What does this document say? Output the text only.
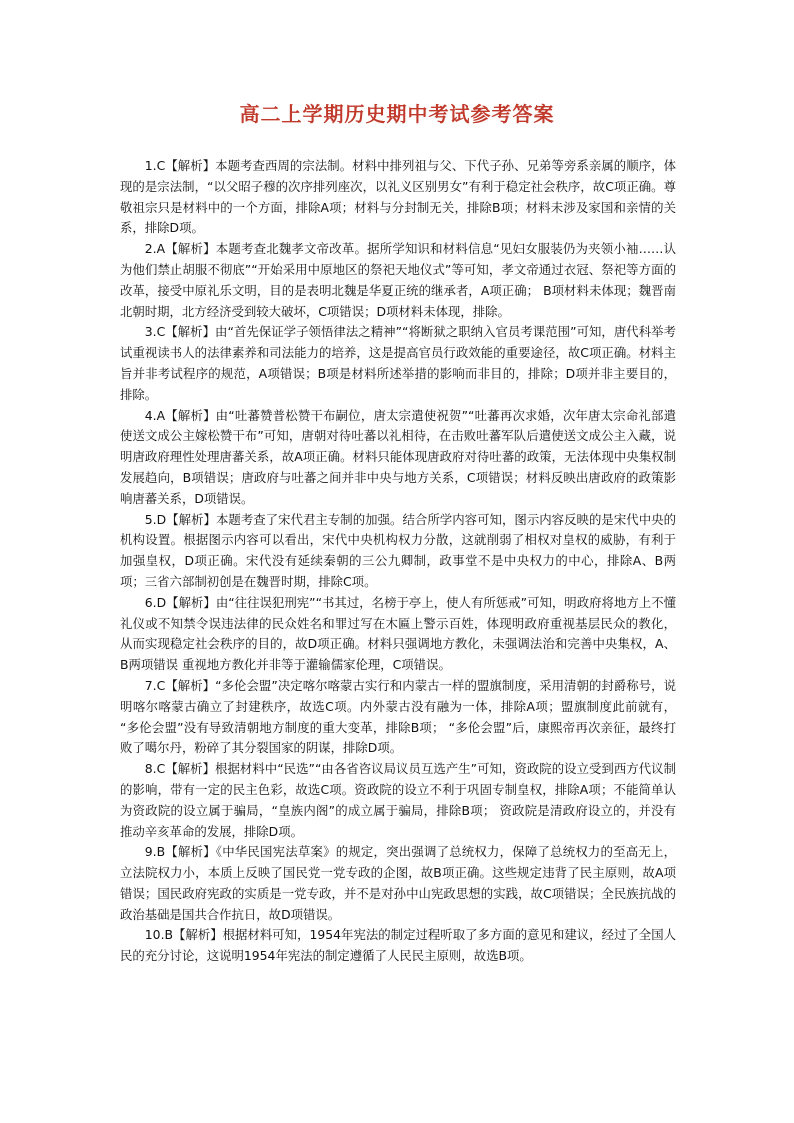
高二上学期历史期中考试参考答案

1.C【解析】本题考查西周的宗法制。材料中排列祖与父、下代子孙、兄弟等旁系亲属的顺序，体现的是宗法制，“以父昭子穆的次序排列座次，以礼义区别男女”有利于稳定社会秩序，故C项正确。尊敬祖宗只是材料中的一个方面，排除A项；材料与分封制无关，排除B项；材料未涉及家国和亲情的关系，排除D项。

2.A【解析】本题考查北魏孝文帝改革。据所学知识和材料信息“见妇女服装仍为夹领小袖……认为他们禁止胡服不彻底”“开始采用中原地区的祭祀天地仪式”等可知，孝文帝通过衣冠、祭祀等方面的改革，接受中原礼乐文明，目的是表明北魏是华夏正统的继承者，A项正确； B项材料未体现；魏晋南北朝时期，北方经济受到较大破坏，C项错误；D项材料未体现，排除。

3.C【解析】由“首先保证学子领悟律法之精神”“将断狱之职纳入官员考课范围”可知，唐代科举考试重视读书人的法律素养和司法能力的培养，这是提高官员行政效能的重要途径，故C项正确。材料主旨并非考试程序的规范，A项错误；B项是材料所述举措的影响而非目的，排除；D项并非主要目的，排除。

4.A【解析】由“吐蕃赞普松赞干布嗣位，唐太宗遣使祝贺”“吐蕃再次求婚，次年唐太宗命礼部遣使送文成公主嫁松赞干布”可知，唐朝对待吐蕃以礼相待，在击败吐蕃军队后遣使送文成公主入藏，说明唐政府理性处理唐蕃关系，故A项正确。材料只能体现唐政府对待吐蕃的政策，无法体现中央集权制发展趋向，B项错误；唐政府与吐蕃之间并非中央与地方关系，C项错误；材料反映出唐政府的政策影响唐蕃关系，D项错误。

5.D【解析】本题考查了宋代君主专制的加强。结合所学内容可知，图示内容反映的是宋代中央的机构设置。根据图示内容可以看出，宋代中央机构权力分散，这就削弱了相权对皇权的威胁，有利于加强皇权，D项正确。宋代没有延续秦朝的三公九卿制，政事堂不是中央权力的中心，排除A、B两项；三省六部制初创是在魏晋时期，排除C项。

6.D【解析】由“往往误犯刑宪”“书其过，名榜于亭上，使人有所惩戒”可知，明政府将地方上不懂礼仪或不知禁令误违法律的民众姓名和罪过写在木匾上警示百姓，体现明政府重视基层民众的教化，从而实现稳定社会秩序的目的，故D项正确。材料只强调地方教化，未强调法治和完善中央集权，A、B两项错误 重视地方教化并非等于灌输儒家伦理，C项错误。

7.C【解析】“多伦会盟”决定喀尔喀蒙古实行和内蒙古一样的盟旗制度，采用清朝的封爵称号，说明喀尔喀蒙古确立了封建秩序，故选C项。内外蒙古没有融为一体，排除A项；盟旗制度此前就有， “多伦会盟”没有导致清朝地方制度的重大变革，排除B项； “多伦会盟”后，康熙帝再次亲征，最终打败了噶尔丹，粉碎了其分裂国家的阴谋，排除D项。

8.C【解析】根据材料中“民选”“由各省咨议局议员互选产生”可知，资政院的设立受到西方代议制的影响，带有一定的民主色彩，故选C项。资政院的设立不利于巩固专制皇权，排除A项；不能简单认为资政院的设立属于骗局，“皇族内阁”的成立属于骗局，排除B项； 资政院是清政府设立的，并没有推动辛亥革命的发展，排除D项。

9.B【解析】《中华民国宪法草案》的规定，突出强调了总统权力，保障了总统权力的至高无上，立法院权力小，本质上反映了国民党一党专政的企图，故B项正确。这些规定违背了民主原则，故A项错误；国民政府宪政的实质是一党专政，并不是对孙中山宪政思想的实践，故C项错误；全民族抗战的政治基础是国共合作抗日，故D项错误。

10.B【解析】根据材料可知，1954年宪法的制定过程听取了多方面的意见和建议，经过了全国人民的充分讨论，这说明1954年宪法的制定遵循了人民民主原则，故选B项。
